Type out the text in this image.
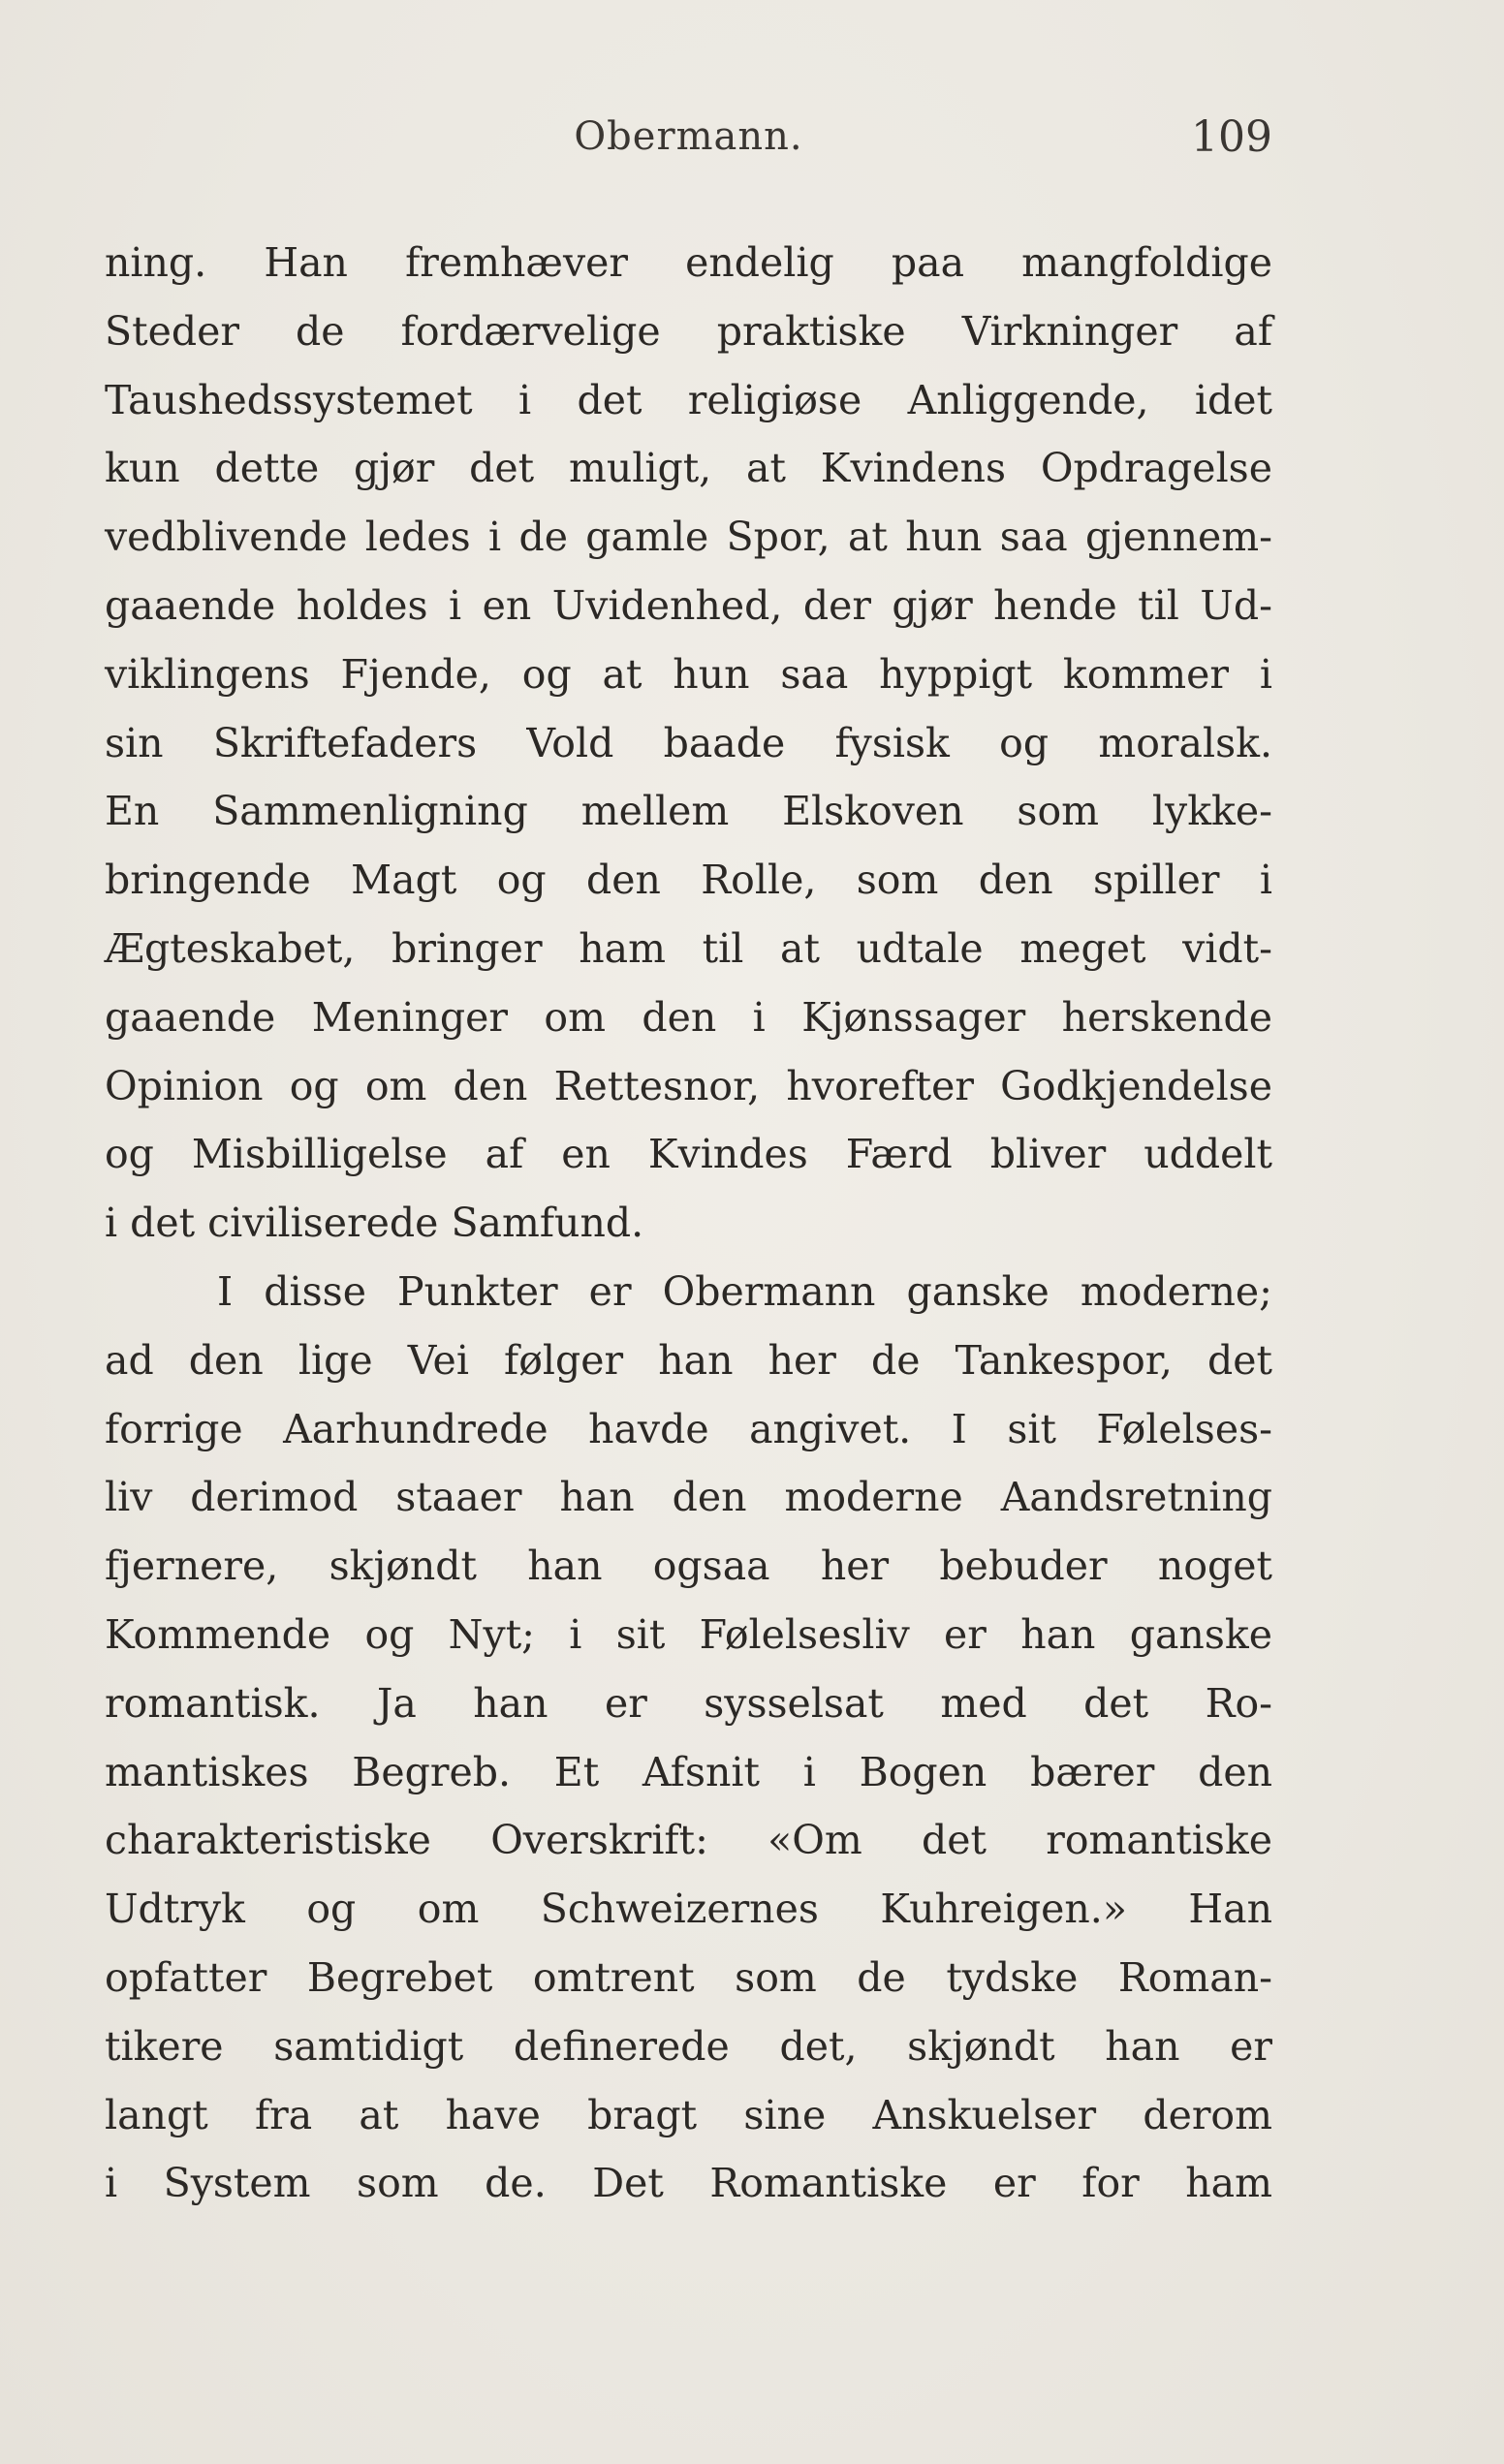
Obermann.	109
ning. Han fremhæver endelig paa mangfoldige
Steder de fordærvelige praktiske Virkninger af
Taushedssystemet i det religiøse Anliggende, idet
kun dette gjør det muligt, at Kvindens Opdragelse
vedblivende ledes i de gamle Spor, at hun saa gjennem-
gaaende holdes i en Uvidenhed, der gjør hende til Ud-
viklingens Fjende, og at hun saa hyppigt kommer i
sin Skriftefaders Vold baade fysisk og moralsk.
En Sammenligning mellem Elskoven som lykke-
bringende Magt og den Rolle, som den spiller i
Ægteskabet, bringer ham til at udtale meget vidt-
gaaende Meninger om den i Kjønssager herskende
Opinion og om den Rettesnor, hvorefter Godkjendelse
og Misbilligelse af en Kvindes Færd bliver uddelt
i det civiliserede Samfund.
I disse Punkter er Obermann ganske moderne;
ad den lige Vei følger han her de Tankespor, det
forrige Aarhundrede havde angivet. I sit Følelses-
liv derimod staaer han den moderne Aandsretning
fjernere, skjøndt han ogsaa her bebuder noget
Kommende og Nyt; i sit Følelsesliv er han ganske
romantisk. Ja han er sysselsat med det Ro-
mantiskes Begreb. Et Afsnit i Bogen bærer den
charakteristiske Overskrift: «Om det romantiske
Udtryk og om Schweizernes Kuhreigen.» Han
opfatter Begrebet omtrent som de tydske Roman-
tikere samtidigt definerede det, skjøndt han er
langt fra at have bragt sine Anskuelser derom
i System som de. Det Romantiske er for ham
